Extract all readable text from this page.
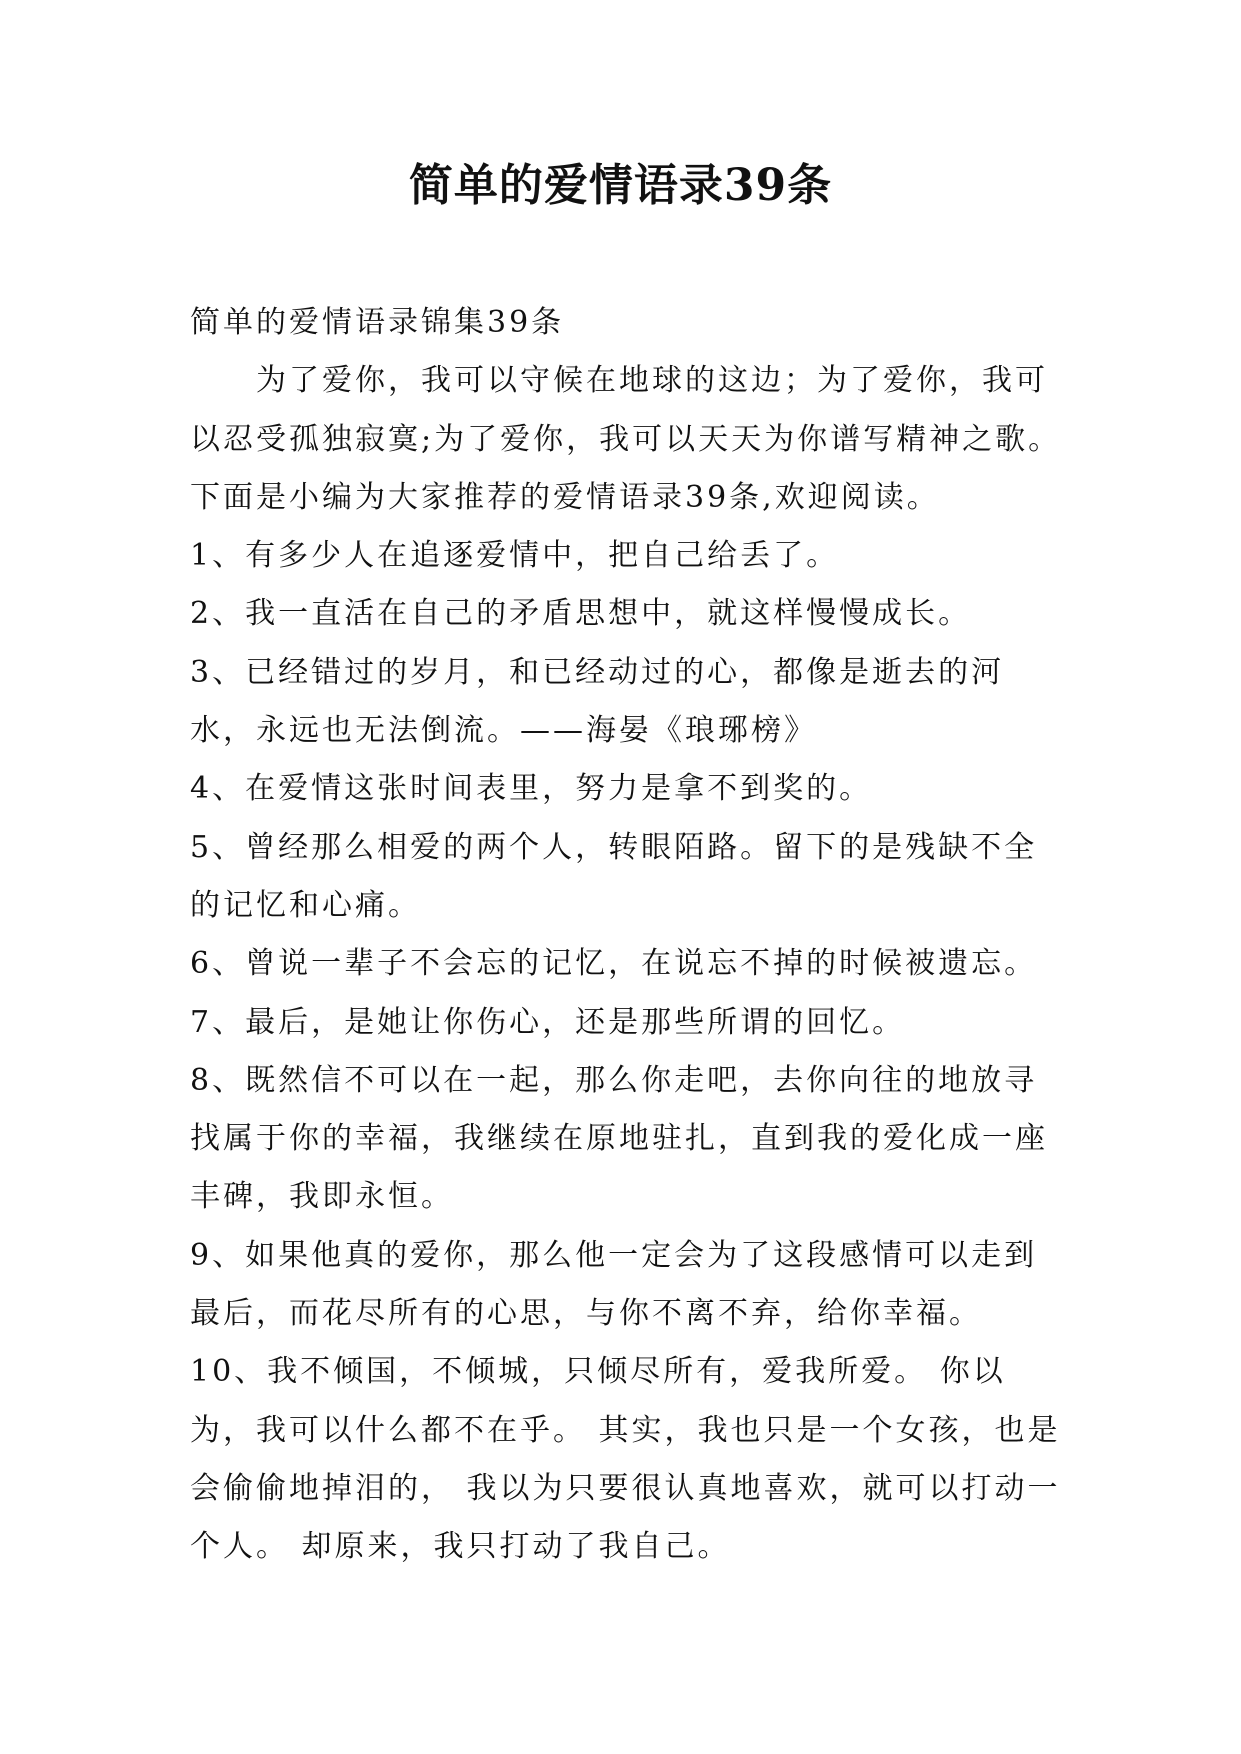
简单的爱情语录39条

简单的爱情语录锦集39条

为了爱你，我可以守候在地球的这边；为了爱你，我可以忍受孤独寂寞;为了爱你，我可以天天为你谱写精神之歌。下面是小编为大家推荐的爱情语录39条,欢迎阅读。

1、有多少人在追逐爱情中，把自己给丢了。

2、我一直活在自己的矛盾思想中，就这样慢慢成长。

3、已经错过的岁月，和已经动过的心，都像是逝去的河水，永远也无法倒流。——海晏《琅琊榜》

4、在爱情这张时间表里，努力是拿不到奖的。

5、曾经那么相爱的两个人，转眼陌路。留下的是残缺不全的记忆和心痛。

6、曾说一辈子不会忘的记忆，在说忘不掉的时候被遗忘。

7、最后，是她让你伤心，还是那些所谓的回忆。

8、既然信不可以在一起，那么你走吧，去你向往的地放寻找属于你的幸福，我继续在原地驻扎，直到我的爱化成一座丰碑，我即永恒。

9、如果他真的爱你，那么他一定会为了这段感情可以走到最后，而花尽所有的心思，与你不离不弃，给你幸福。

10、我不倾国，不倾城，只倾尽所有，爱我所爱。 你以为，我可以什么都不在乎。 其实，我也只是一个女孩，也是会偷偷地掉泪的， 我以为只要很认真地喜欢，就可以打动一个人。 却原来，我只打动了我自己。
